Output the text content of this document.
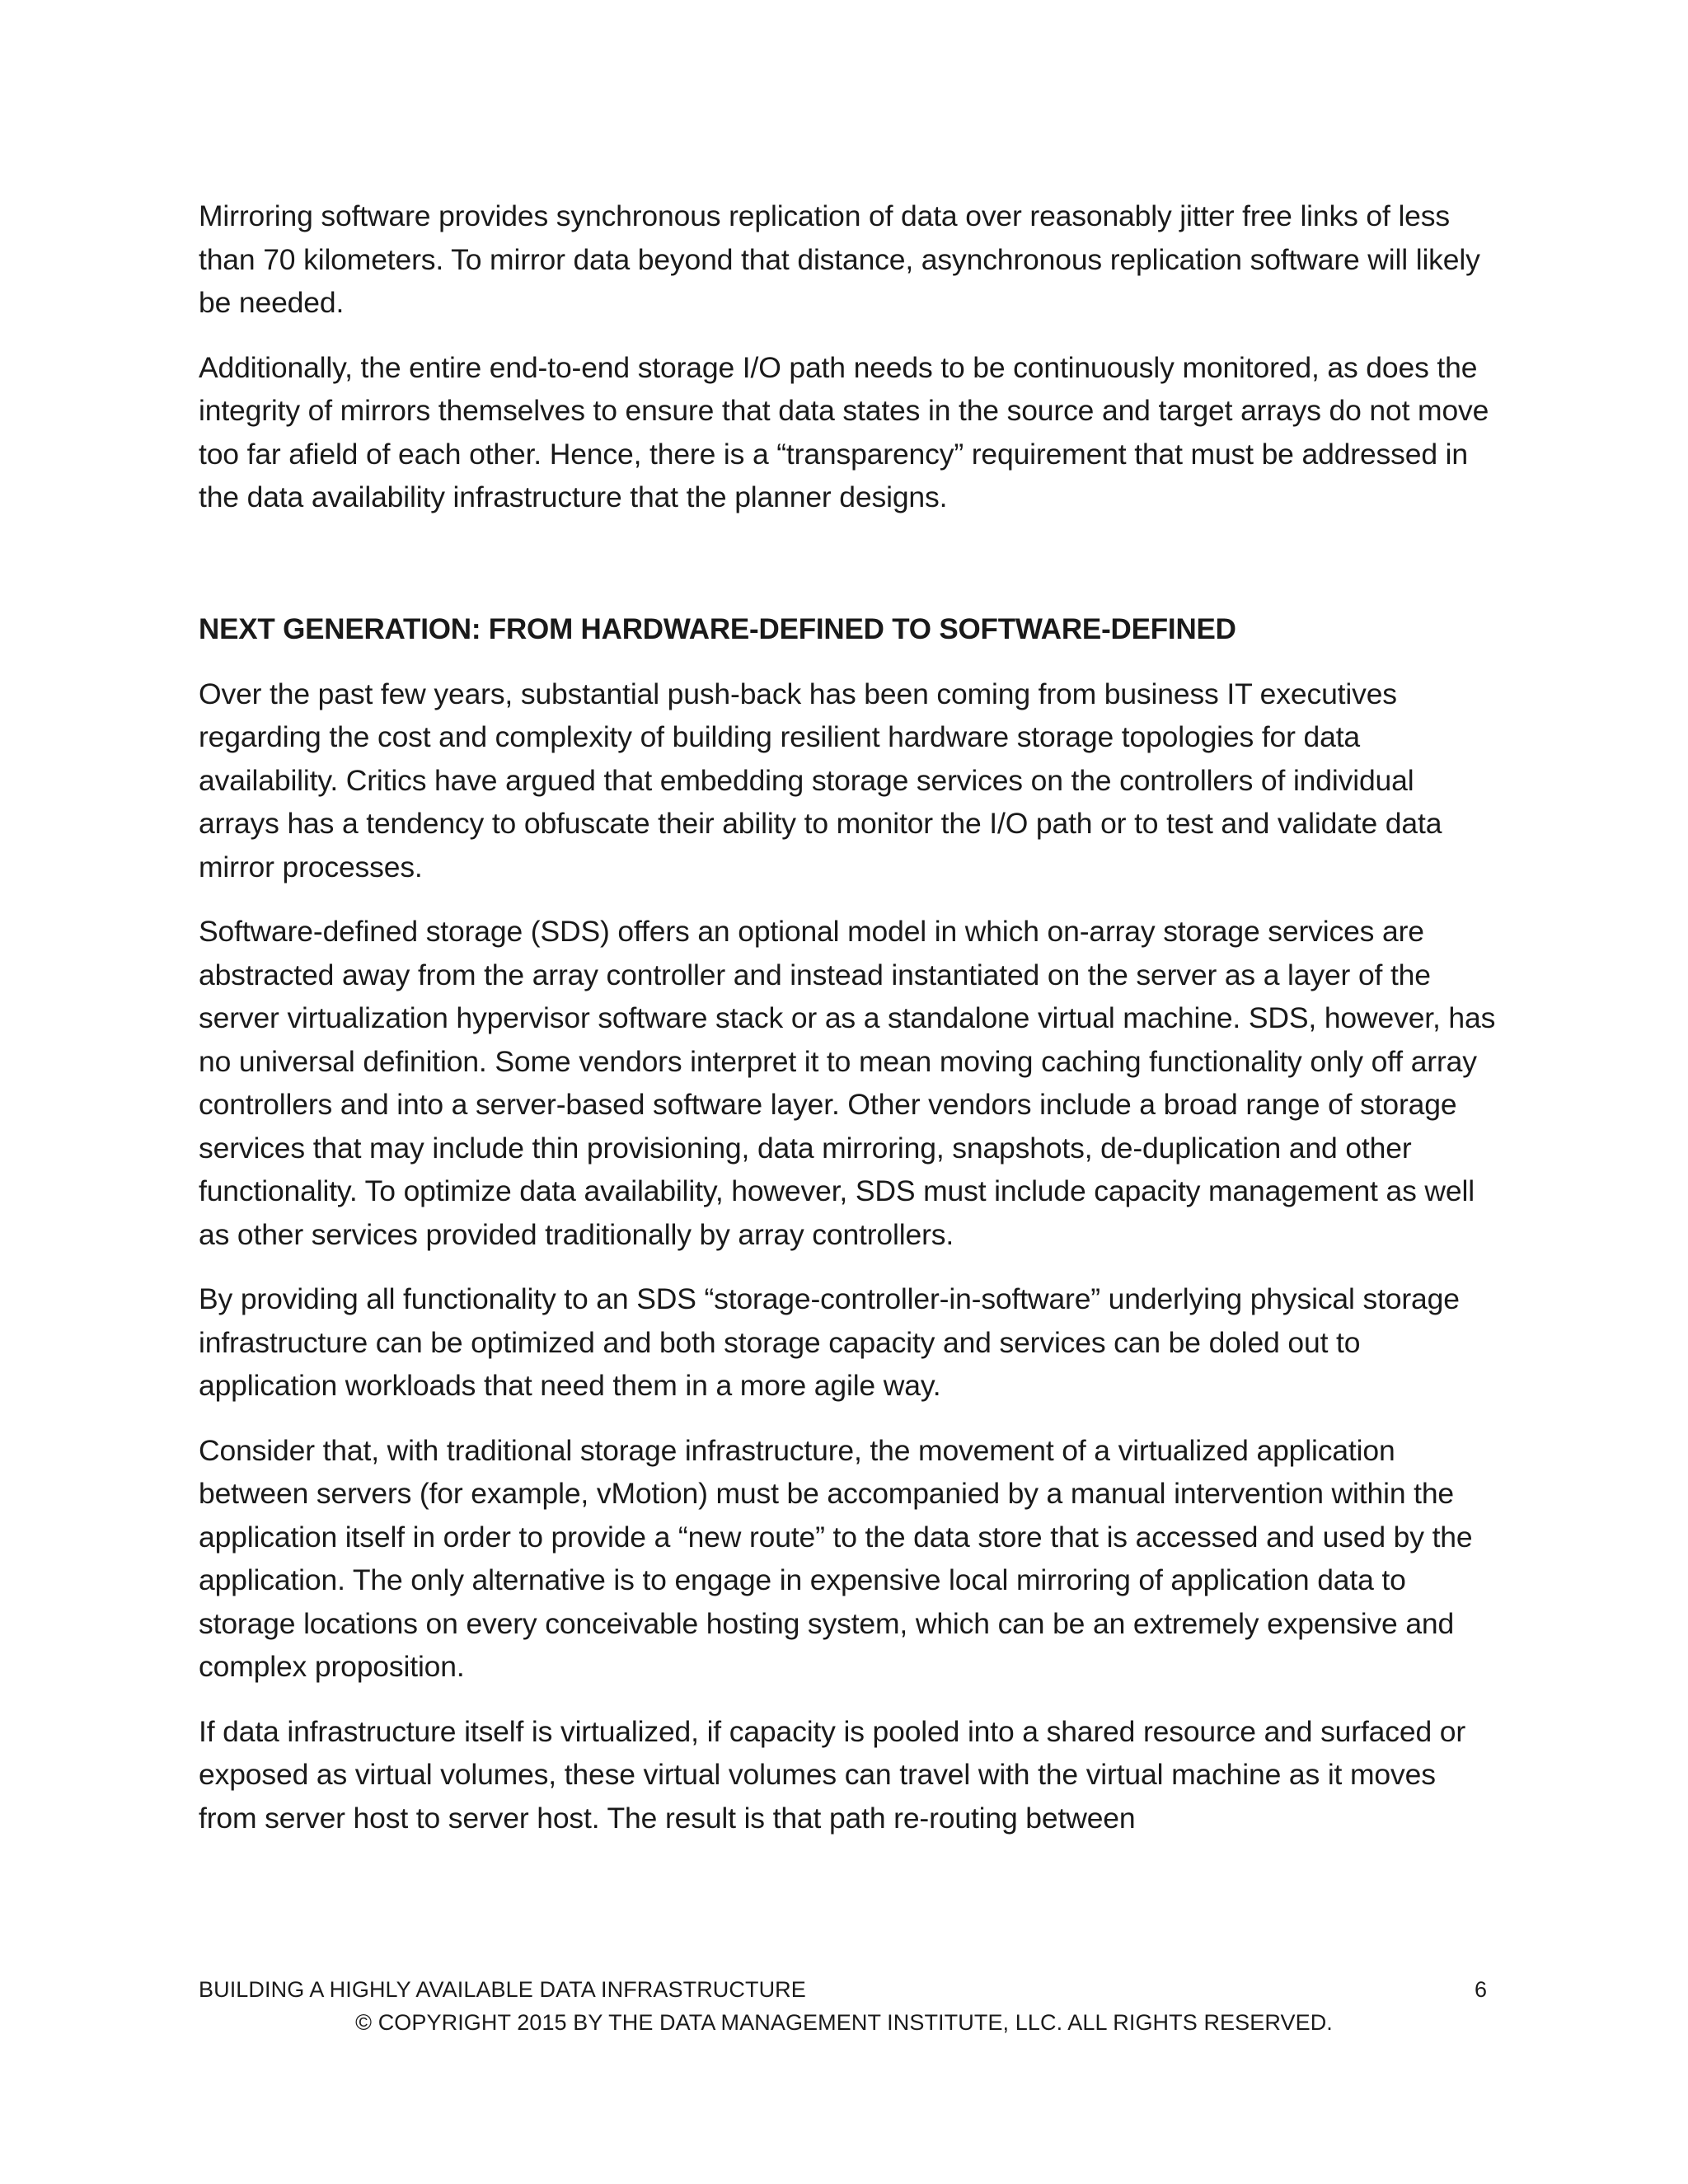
Mirroring software provides synchronous replication of data over reasonably jitter free links of less than 70 kilometers. To mirror data beyond that distance, asynchronous replication software will likely be needed.

Additionally, the entire end-to-end storage I/O path needs to be continuously monitored, as does the integrity of mirrors themselves to ensure that data states in the source and target arrays do not move too far afield of each other. Hence, there is a “transparency” requirement that must be addressed in the data availability infrastructure that the planner designs.

NEXT GENERATION: FROM HARDWARE-DEFINED TO SOFTWARE-DEFINED

Over the past few years, substantial push-back has been coming from business IT executives regarding the cost and complexity of building resilient hardware storage topologies for data availability. Critics have argued that embedding storage services on the controllers of individual arrays has a tendency to obfuscate their ability to monitor the I/O path or to test and validate data mirror processes.

Software-defined storage (SDS) offers an optional model in which on-array storage services are abstracted away from the array controller and instead instantiated on the server as a layer of the server virtualization hypervisor software stack or as a standalone virtual machine. SDS, however, has no universal definition. Some vendors interpret it to mean moving caching functionality only off array controllers and into a server-based software layer. Other vendors include a broad range of storage services that may include thin provisioning, data mirroring, snapshots, de-duplication and other functionality. To optimize data availability, however, SDS must include capacity management as well as other services provided traditionally by array controllers.

By providing all functionality to an SDS “storage-controller-in-software” underlying physical storage infrastructure can be optimized and both storage capacity and services can be doled out to application workloads that need them in a more agile way.

Consider that, with traditional storage infrastructure, the movement of a virtualized application between servers (for example, vMotion) must be accompanied by a manual intervention within the application itself in order to provide a “new route” to the data store that is accessed and used by the application. The only alternative is to engage in expensive local mirroring of application data to storage locations on every conceivable hosting system, which can be an extremely expensive and complex proposition.

If data infrastructure itself is virtualized, if capacity is pooled into a shared resource and surfaced or exposed as virtual volumes, these virtual volumes can travel with the virtual machine as it moves from server host to server host. The result is that path re-routing between

BUILDING A HIGHLY AVAILABLE DATA INFRASTRUCTURE	6
© COPYRIGHT 2015 BY THE DATA MANAGEMENT INSTITUTE, LLC. ALL RIGHTS RESERVED.
